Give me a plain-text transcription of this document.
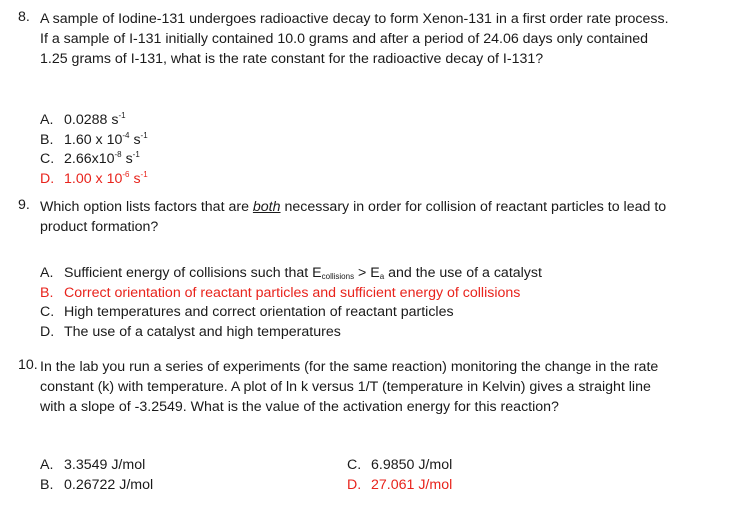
8. A sample of Iodine-131 undergoes radioactive decay to form Xenon-131 in a first order rate process. If a sample of I-131 initially contained 10.0 grams and after a period of 24.06 days only contained 1.25 grams of I-131, what is the rate constant for the radioactive decay of I-131?
A. 0.0288 $s^{-1}$
B. 1.60 x $10^{-4}$ $s^{-1}$
C. $2.66x10^{-8}$ $s^{-1}$
D. 1.00 x $10^{-6}$ $s^{-1}$
9. Which option lists factors that are both necessary in order for collision of reactant particles to lead to product formation?
A. Sufficient energy of collisions such that $E_{collisions} > E_a$ and the use of a catalyst
B. Correct orientation of reactant particles and sufficient energy of collisions
C. High temperatures and correct orientation of reactant particles
D. The use of a catalyst and high temperatures
10. In the lab you run a series of experiments (for the same reaction) monitoring the change in the rate constant (k) with temperature. A plot of ln k versus 1/T (temperature in Kelvin) gives a straight line with a slope of -3.2549. What is the value of the activation energy for this reaction?
A. 3.3549 J/mol
B. 0.26722 J/mol
C. 6.9850 J/mol
D. 27.061 J/mol
